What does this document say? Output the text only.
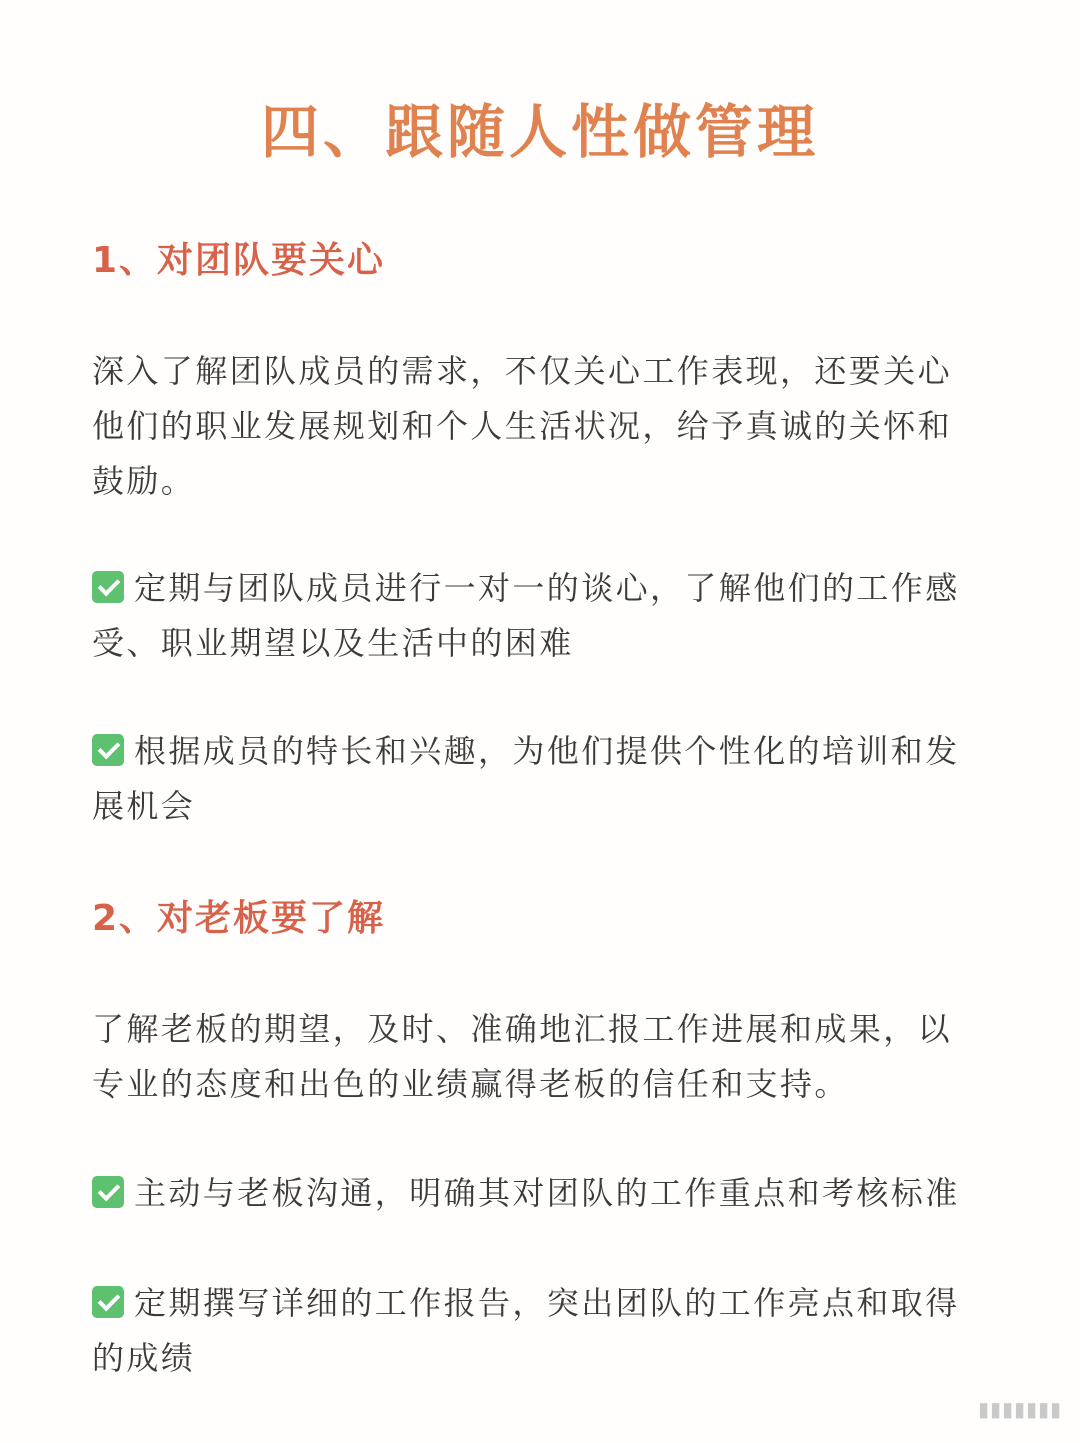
四、跟随人性做管理
1、对团队要关心
深入了解团队成员的需求，不仅关心工作表现，还要关心他们的职业发展规划和个人生活状况，给予真诚的关怀和鼓励。
定期与团队成员进行一对一的谈心，了解他们的工作感受、职业期望以及生活中的困难
根据成员的特长和兴趣，为他们提供个性化的培训和发展机会
2、对老板要了解
了解老板的期望，及时、准确地汇报工作进展和成果，以专业的态度和出色的业绩赢得老板的信任和支持。
主动与老板沟通，明确其对团队的工作重点和考核标准
定期撰写详细的工作报告，突出团队的工作亮点和取得的成绩
▮▮▮▮▮▮▮
